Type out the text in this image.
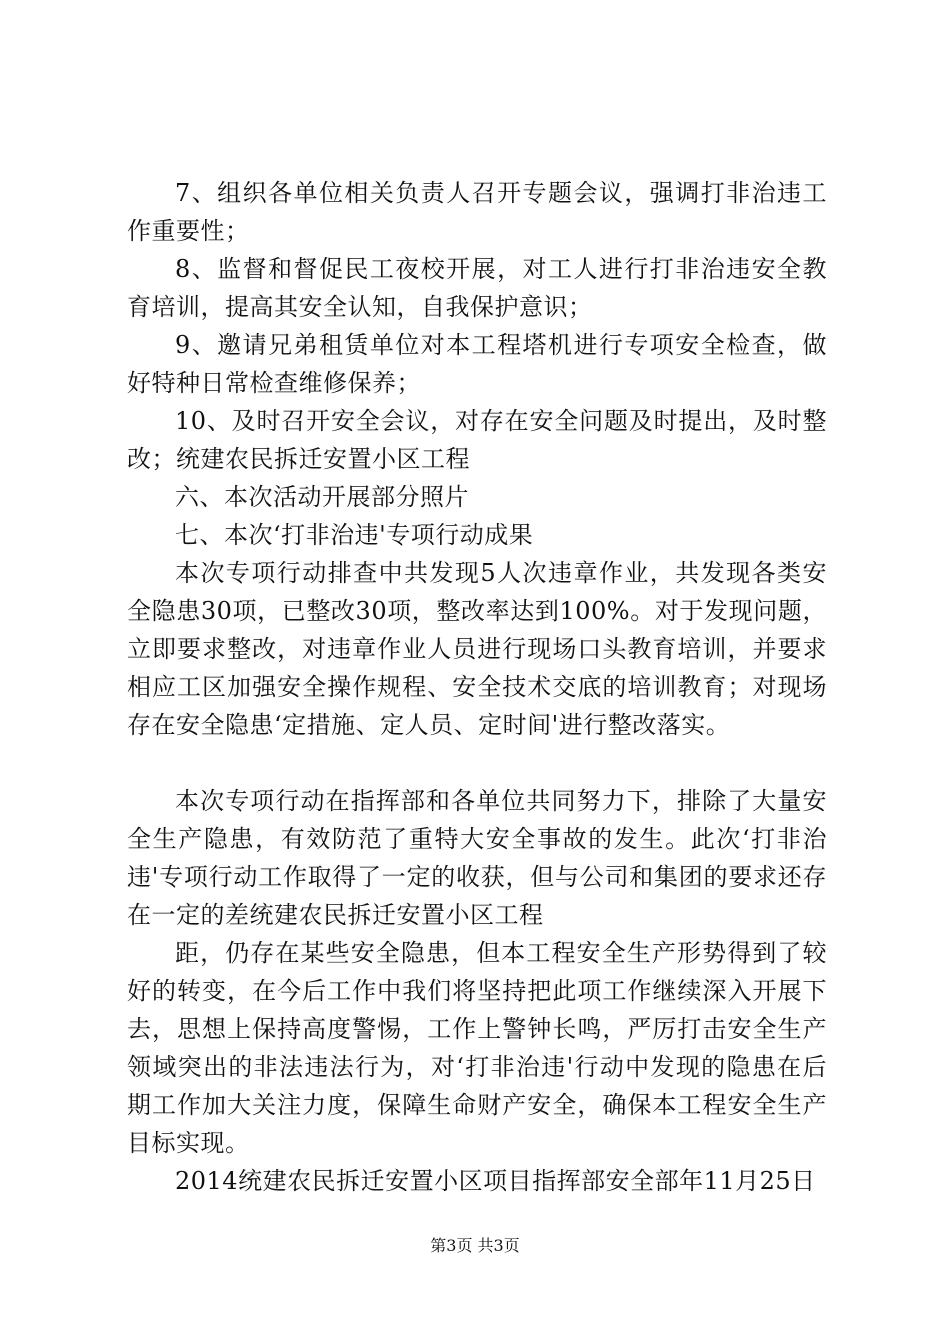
7、组织各单位相关负责人召开专题会议，强调打非治违工作重要性；

8、监督和督促民工夜校开展，对工人进行打非治违安全教育培训，提高其安全认知，自我保护意识；

9、邀请兄弟租赁单位对本工程塔机进行专项安全检查，做好特种日常检查维修保养；

10、及时召开安全会议，对存在安全问题及时提出，及时整改；统建农民拆迁安置小区工程

六、本次活动开展部分照片

七、本次‘打非治违'专项行动成果

本次专项行动排查中共发现5人次违章作业，共发现各类安全隐患30项，已整改30项，整改率达到100%。对于发现问题，立即要求整改，对违章作业人员进行现场口头教育培训，并要求相应工区加强安全操作规程、安全技术交底的培训教育；对现场存在安全隐患‘定措施、定人员、定时间'进行整改落实。

本次专项行动在指挥部和各单位共同努力下，排除了大量安全生产隐患，有效防范了重特大安全事故的发生。此次‘打非治违'专项行动工作取得了一定的收获，但与公司和集团的要求还存在一定的差统建农民拆迁安置小区工程

距，仍存在某些安全隐患，但本工程安全生产形势得到了较好的转变，在今后工作中我们将坚持把此项工作继续深入开展下去，思想上保持高度警惕，工作上警钟长鸣，严厉打击安全生产领域突出的非法违法行为，对‘打非治违'行动中发现的隐患在后期工作加大关注力度，保障生命财产安全，确保本工程安全生产目标实现。

2014统建农民拆迁安置小区项目指挥部安全部年11月25日

第3页 共3页
